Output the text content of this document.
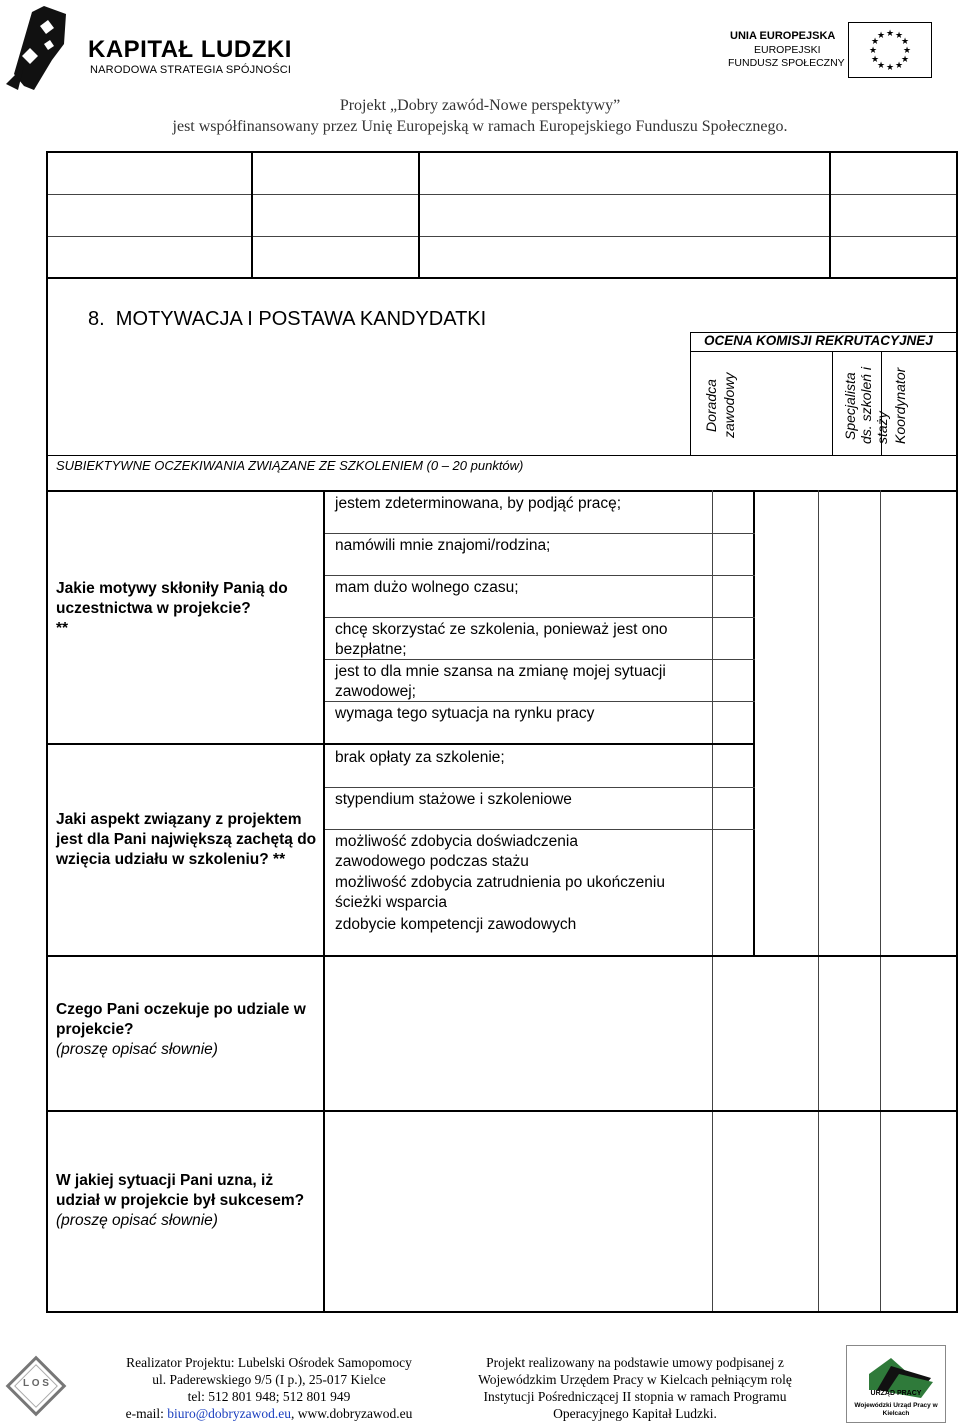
KAPITAŁ LUDZKI
NARODOWA STRATEGIA SPÓJNOŚCI
UNIA EUROPEJSKA
EUROPEJSKI
FUNDUSZ SPOŁECZNY
★ ★
★
★
★
★
★
★
★
★
★
★
Projekt „Dobry zawód-Nowe perspektywy”
jest współfinansowany przez Unię Europejską w ramach Europejskiego Funduszu Społecznego.
8.  MOTYWACJA I POSTAWA KANDYDATKI
OCENA KOMISJI REKRUTACYJNEJ
Doradca zawodowy	Specjalista ds. szkoleń i staży Koordynator
SUBIEKTYWNE OCZEKIWANIA ZWIĄZANE ZE SZKOLENIEM (0 – 20 punktów)
Jakie motywy skłoniły Panią do uczestnictwa w projekcie?
**
jestem zdeterminowana, by podjąć pracę;
namówili mnie znajomi/rodzina;
mam dużo wolnego czasu;
chcę skorzystać ze szkolenia, ponieważ jest ono bezpłatne;
jest to dla mnie szansa na zmianę mojej sytuacji zawodowej;
wymaga tego sytuacja na rynku pracy
Jaki aspekt związany z projektem jest dla Pani największą zachętą do wzięcia udziału w szkoleniu? **
brak opłaty za szkolenie;
stypendium stażowe i szkoleniowe
możliwość zdobycia doświadczenia zawodowego podczas stażu
możliwość zdobycia zatrudnienia po ukończeniu ścieżki wsparcia
zdobycie kompetencji zawodowych
Czego Pani oczekuje po udziale w projekcie?
(proszę opisać słownie)
W jakiej sytuacji Pani uzna, iż udział w projekcie był sukcesem?
(proszę opisać słownie)
L O S
Realizator Projektu: Lubelski Ośrodek Samopomocy
ul. Paderewskiego 9/5 (I p.), 25-017 Kielce
tel: 512 801 948; 512 801 949
e-mail: biuro@dobryzawod.eu, www.dobryzawod.eu
Projekt realizowany na podstawie umowy podpisanej z
Wojewódzkim Urzędem Pracy w Kielcach pełniącym rolę
Instytucji Pośredniczącej II stopnia w ramach Programu
Operacyjnego Kapitał Ludzki.
URZĄD PRACY
Wojewódzki Urząd Pracy w Kielcach
